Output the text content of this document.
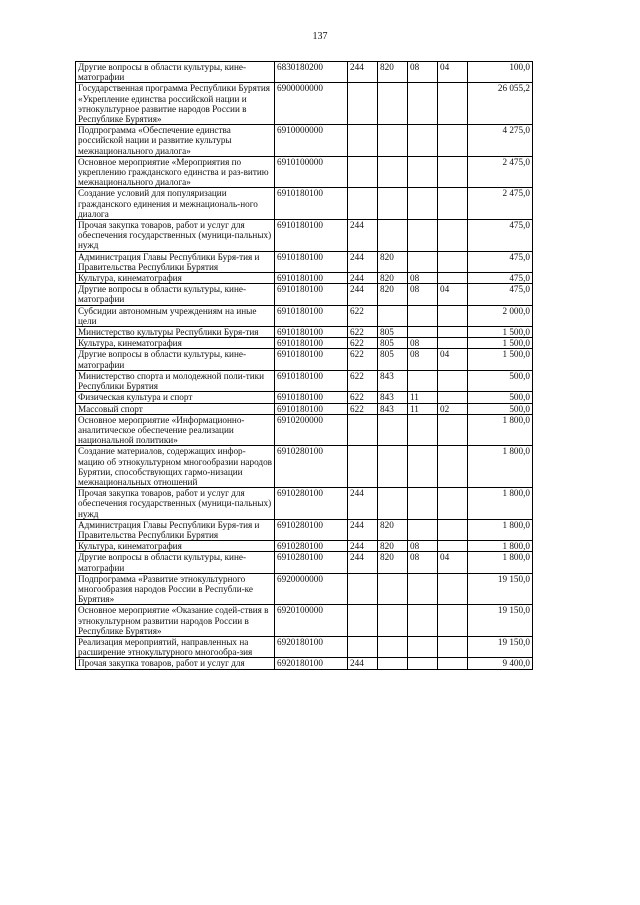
137
Другие вопросы в области культуры, кине-матографии	6830180200	244	820	08	04	100,0
Государственная программа Республики Бурятия «Укрепление единства российской нации и этнокультурное развитие народов России в Республике Бурятия»	6900000000					26 055,2
Подпрограмма «Обеспечение единства российской нации и развитие культуры межнационального диалога»	6910000000					4 275,0
Основное мероприятие «Мероприятия по укреплению гражданского единства и раз-витию межнационального диалога»	6910100000					2 475,0
Создание условий для популяризации гражданского единения и межнациональ-ного диалога	6910180100					2 475,0
Прочая закупка товаров, работ и услуг для обеспечения государственных (муници-пальных) нужд	6910180100	244				475,0
Администрация Главы Республики Буря-тия и Правительства Республики Бурятия	6910180100	244	820			475,0
Культура, кинематография	6910180100	244	820	08		475,0
Другие вопросы в области культуры, кине-матографии	6910180100	244	820	08	04	475,0
Субсидии автономным учреждениям на иные цели	6910180100	622				2 000,0
Министерство культуры Республики Буря-тия	6910180100	622	805			1 500,0
Культура, кинематография	6910180100	622	805	08		1 500,0
Другие вопросы в области культуры, кине-матографии	6910180100	622	805	08	04	1 500,0
Министерство спорта и молодежной поли-тики Республики Бурятия	6910180100	622	843			500,0
Физическая культура и спорт	6910180100	622	843	11		500,0
Массовый спорт	6910180100	622	843	11	02	500,0
Основное мероприятие «Информационно-аналитическое обеспечение реализации национальной политики»	6910200000					1 800,0
Создание материалов, содержащих инфор-мацию об этнокультурном многообразии народов Бурятии, способствующих гармо-низации межнациональных отношений	6910280100					1 800,0
Прочая закупка товаров, работ и услуг для обеспечения государственных (муници-пальных) нужд	6910280100	244				1 800,0
Администрация Главы Республики Буря-тия и Правительства Республики Бурятия	6910280100	244	820			1 800,0
Культура, кинематография	6910280100	244	820	08		1 800,0
Другие вопросы в области культуры, кине-матографии	6910280100	244	820	08	04	1 800,0
Подпрограмма «Развитие этнокультурного многообразия народов России в Республи-ке Бурятия»	6920000000					19 150,0
Основное мероприятие «Оказание содей-ствия в этнокультурном развитии народов России в Республике Бурятия»	6920100000					19 150,0
Реализация мероприятий, направленных на расширение этнокультурного многообра-зия	6920180100					19 150,0
Прочая закупка товаров, работ и услуг для	6920180100	244				9 400,0
